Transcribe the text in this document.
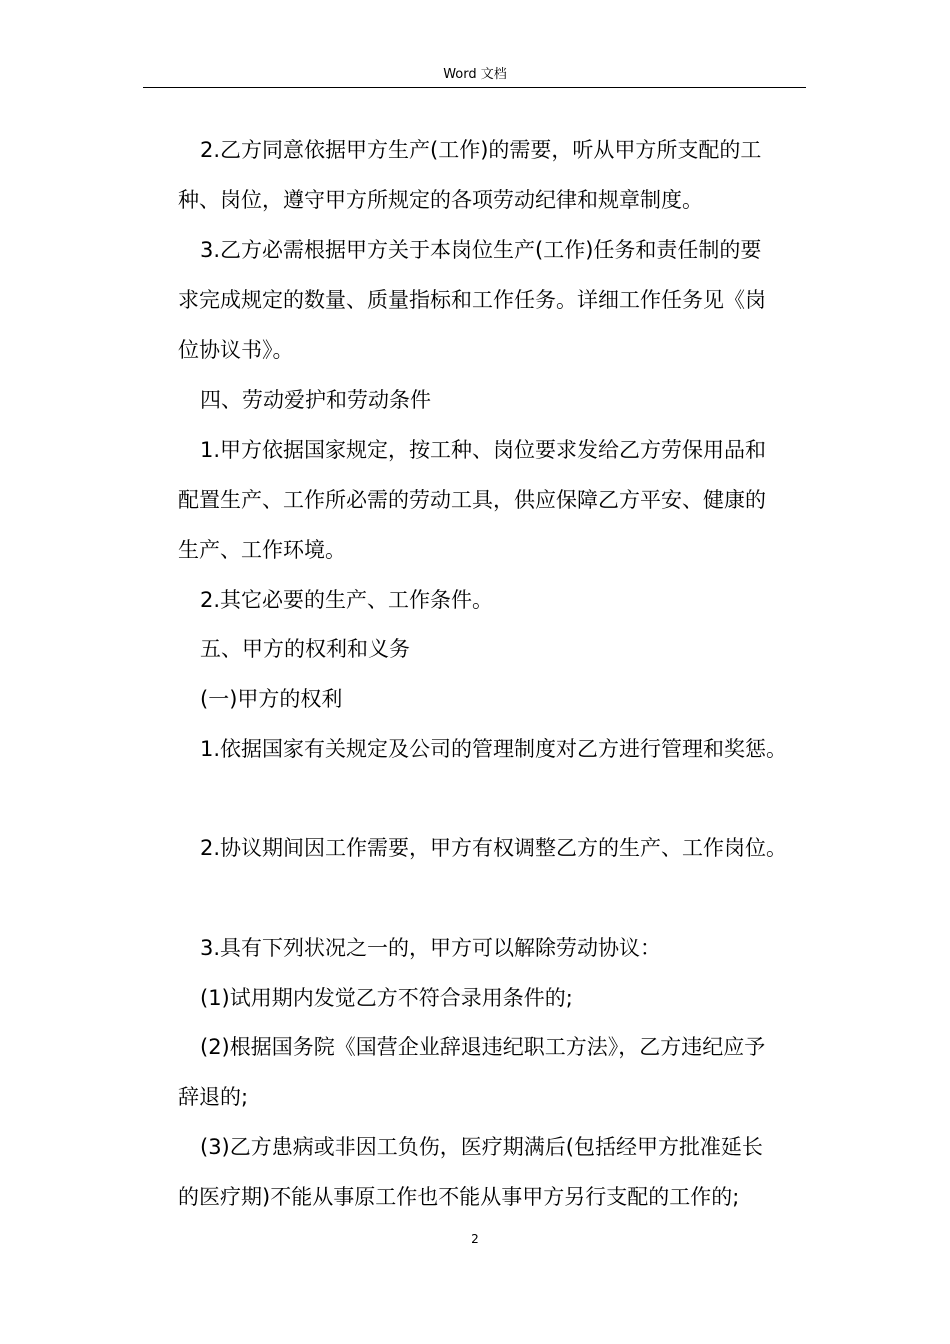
Word 文档
2.乙方同意依据甲方生产(工作)的需要，听从甲方所支配的工
种、岗位，遵守甲方所规定的各项劳动纪律和规章制度。
3.乙方必需根据甲方关于本岗位生产(工作)任务和责任制的要
求完成规定的数量、质量指标和工作任务。详细工作任务见《岗
位协议书》。
四、劳动爱护和劳动条件
1.甲方依据国家规定，按工种、岗位要求发给乙方劳保用品和
配置生产、工作所必需的劳动工具，供应保障乙方平安、健康的
生产、工作环境。
2.其它必要的生产、工作条件。
五、甲方的权利和义务
(一)甲方的权利
1.依据国家有关规定及公司的管理制度对乙方进行管理和奖惩。
2.协议期间因工作需要，甲方有权调整乙方的生产、工作岗位。
3.具有下列状况之一的，甲方可以解除劳动协议：
(1)试用期内发觉乙方不符合录用条件的;
(2)根据国务院《国营企业辞退违纪职工方法》，乙方违纪应予
辞退的;
(3)乙方患病或非因工负伤，医疗期满后(包括经甲方批准延长
的医疗期)不能从事原工作也不能从事甲方另行支配的工作的;
2
